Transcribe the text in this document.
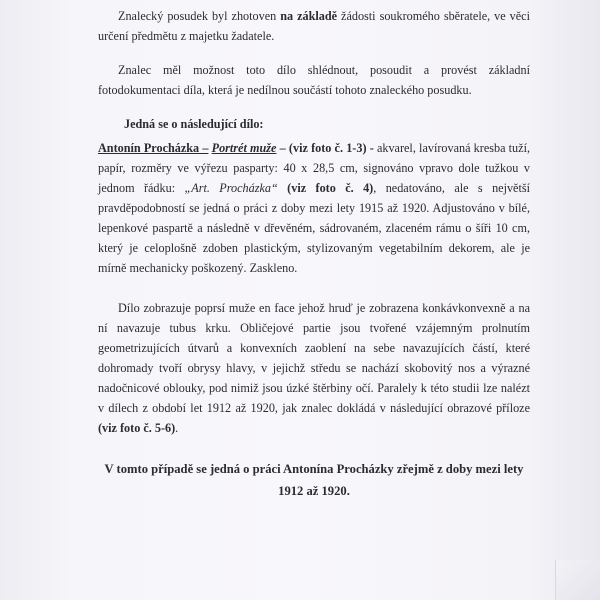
Znalecký posudek byl zhotoven na základě žádosti soukromého sběratele, ve věci určení předmětu z majetku žadatele.

Znalec měl možnost toto dílo shlédnout, posoudit a provést základní fotodokumentaci díla, která je nedílnou součástí tohoto znaleckého posudku.

Jedná se o následující dílo:

Antonín Procházka – Portrét muže – (viz foto č. 1-3) - akvarel, lavírovaná kresba tuží, papír, rozměry ve výřezu pasparty: 40 x 28,5 cm, signováno vpravo dole tužkou v jednom řádku: „Art. Procházka“ (viz foto č. 4), nedatováno, ale s největší pravděpodobností se jedná o práci z doby mezi lety 1915 až 1920. Adjustováno v bílé, lepenkové paspartě a následně v dřevěném, sádrovaném, zlaceném rámu o šíři 10 cm, který je celoplošně zdoben plastickým, stylizovaným vegetabilním dekorem, ale je mírně mechanicky poškozený. Zaskleno.

Dílo zobrazuje poprsí muže en face jehož hruď je zobrazena konkávkonvexně a na ní navazuje tubus krku. Obličejové partie jsou tvořené vzájemným prolnutím geometrizujících útvarů a konvexních zaoblení na sebe navazujících částí, které dohromady tvoří obrysy hlavy, v jejichž středu se nachází skobovitý nos a výrazné nadočnicové oblouky, pod nimiž jsou úzké štěrbiny očí. Paralely k této studii lze nalézt v dílech z období let 1912 až 1920, jak znalec dokládá v následující obrazové příloze (viz foto č. 5-6).

V tomto případě se jedná o práci Antonína Procházky zřejmě z doby mezi lety 1912 až 1920.
